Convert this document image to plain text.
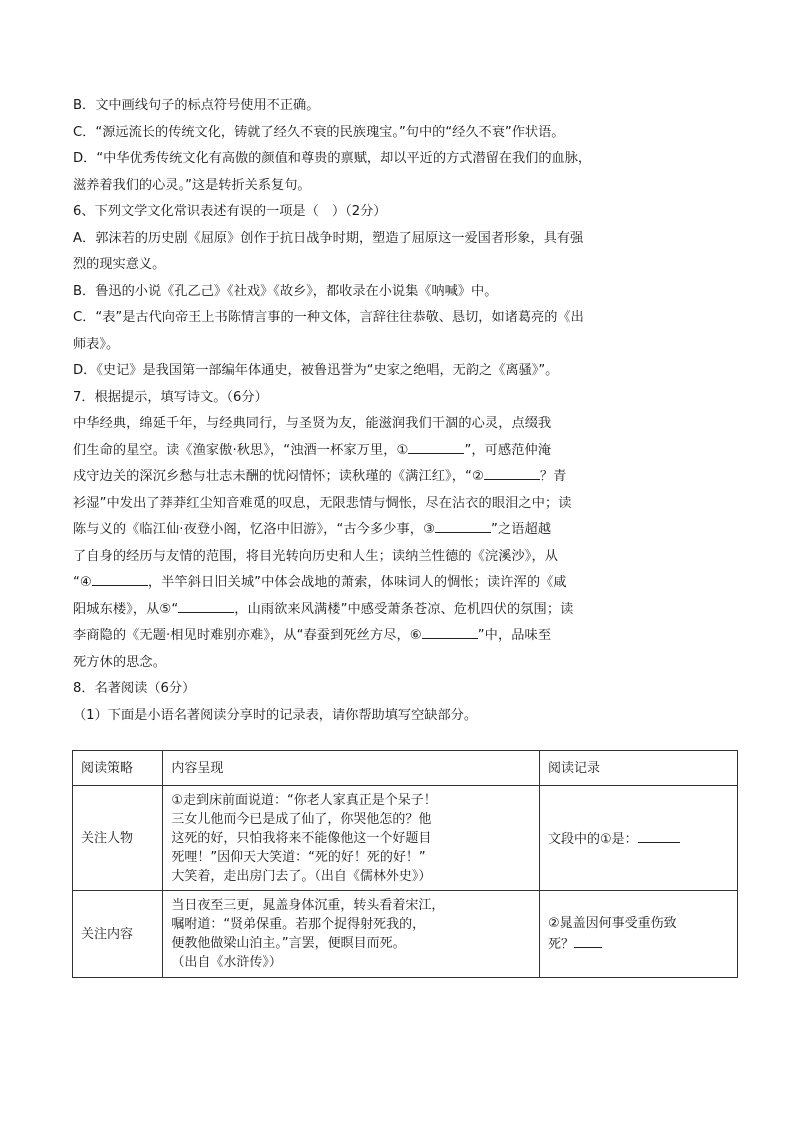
B．文中画线句子的标点符号使用不正确。
C．“源远流长的传统文化，铸就了经久不衰的民族瑰宝。”句中的“经久不衰”作状语。
D．“中华优秀传统文化有高傲的颜值和尊贵的禀赋，却以平近的方式潜留在我们的血脉，
滋养着我们的心灵。”这是转折关系复句。
6、下列文学文化常识表述有误的一项是（　）（2分）
A．郭沫若的历史剧《屈原》创作于抗日战争时期，塑造了屈原这一爱国者形象，具有强
烈的现实意义。
B．鲁迅的小说《孔乙己》《社戏》《故乡》，都收录在小说集《呐喊》中。
C．“表”是古代向帝王上书陈情言事的一种文体，言辞往往恭敬、恳切，如诸葛亮的《出
师表》。
D．《史记》是我国第一部编年体通史，被鲁迅誉为“史家之绝唱，无韵之《离骚》”。
7．根据提示，填写诗文。（6分）
中华经典，绵延千年，与经典同行，与圣贤为友，能滋润我们干涸的心灵，点缀我
们生命的星空。读《渔家傲·秋思》，“浊酒一杯家万里，①	”，可感范仲淹
戍守边关的深沉乡愁与壮志未酬的忧闷情怀；读秋瑾的《满江红》，“②	？青
衫湿”中发出了莽莽红尘知音难觅的叹息，无限悲情与惆怅，尽在沾衣的眼泪之中；读
陈与义的《临江仙·夜登小阁，忆洛中旧游》，“古今多少事，③	”之语超越
了自身的经历与友情的范围，将目光转向历史和人生；读纳兰性德的《浣溪沙》，从
“④	，半竿斜日旧关城”中体会战地的萧索，体味词人的惆怅；读许浑的《咸
阳城东楼》，从⑤“	，山雨欲来风满楼”中感受萧条苍凉、危机四伏的氛围；读
李商隐的《无题·相见时难别亦难》，从“春蚕到死丝方尽，⑥	”中，品味至
死方休的思念。
8．名著阅读（6分）
（1）下面是小语名著阅读分享时的记录表，请你帮助填写空缺部分。
阅读策略	内容呈现	阅读记录
关注人物	①走到床前面说道：“你老人家真正是个呆子！
三女儿他而今已是成了仙了，你哭他怎的？他
这死的好，只怕我将来不能像他这一个好题目
死哩！”因仰天大笑道：“死的好！死的好！”
大笑着，走出房门去了。（出自《儒林外史》）	文段中的①是：

关注内容	当日夜至三更，晁盖身体沉重，转头看着宋江，
嘱咐道：“贤弟保重。若那个捉得射死我的，
便教他做梁山泊主。”言罢，便瞑目而死。
（出自《水浒传》）	②晁盖因何事受重伤致
死？
